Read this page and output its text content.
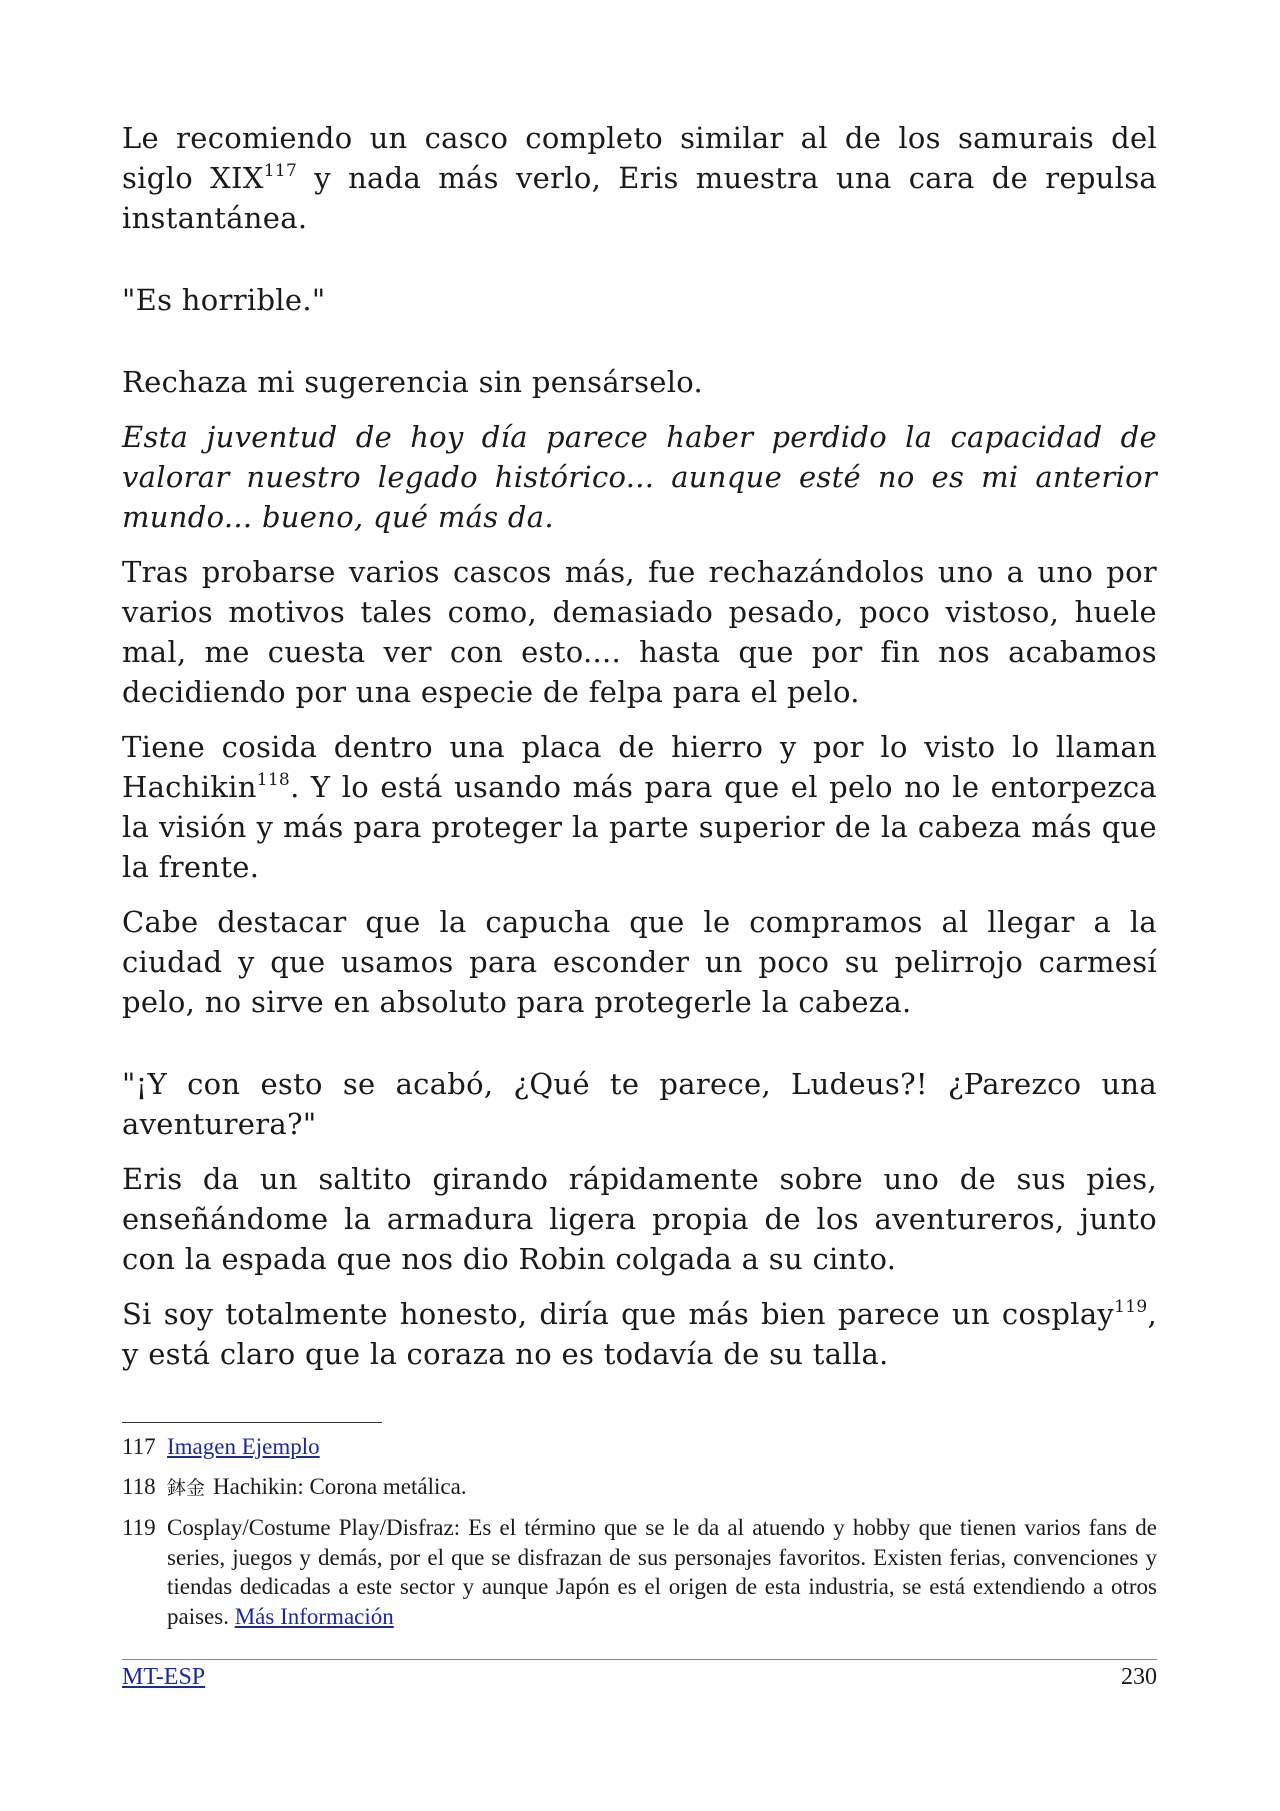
Le recomiendo un casco completo similar al de los samurais del siglo XIX$^{117}$ y nada más verlo, Eris muestra una cara de repulsa instantánea.

"Es horrible."

Rechaza mi sugerencia sin pensárselo.

Esta juventud de hoy día parece haber perdido la capacidad de valorar nuestro legado histórico... aunque esté no es mi anterior mundo... bueno, qué más da.

Tras probarse varios cascos más, fue rechazándolos uno a uno por varios motivos tales como, demasiado pesado, poco vistoso, huele mal, me cuesta ver con esto.... hasta que por fin nos acabamos decidiendo por una especie de felpa para el pelo.

Tiene cosida dentro una placa de hierro y por lo visto lo llaman Hachikin$^{118}$. Y lo está usando más para que el pelo no le entorpezca la visión y más para proteger la parte superior de la cabeza más que la frente.

Cabe destacar que la capucha que le compramos al llegar a la ciudad y que usamos para esconder un poco su pelirrojo carmesí pelo, no sirve en absoluto para protegerle la cabeza.

"¡Y con esto se acabó, ¿Qué te parece, Ludeus?! ¿Parezco una aventurera?"

Eris da un saltito girando rápidamente sobre uno de sus pies, enseñándome la armadura ligera propia de los aventureros, junto con la espada que nos dio Robin colgada a su cinto.

Si soy totalmente honesto, diría que más bien parece un cosplay$^{119}$, y está claro que la coraza no es todavía de su talla.

117 Imagen Ejemplo
118 鉢金 Hachikin: Corona metálica.
119 Cosplay/Costume Play/Disfraz: Es el término que se le da al atuendo y hobby que tienen varios fans de series, juegos y demás, por el que se disfrazan de sus personajes favoritos. Existen ferias, convenciones y tiendas dedicadas a este sector y aunque Japón es el origen de esta industria, se está extendiendo a otros paises. Más Información
MT-ESP	230
